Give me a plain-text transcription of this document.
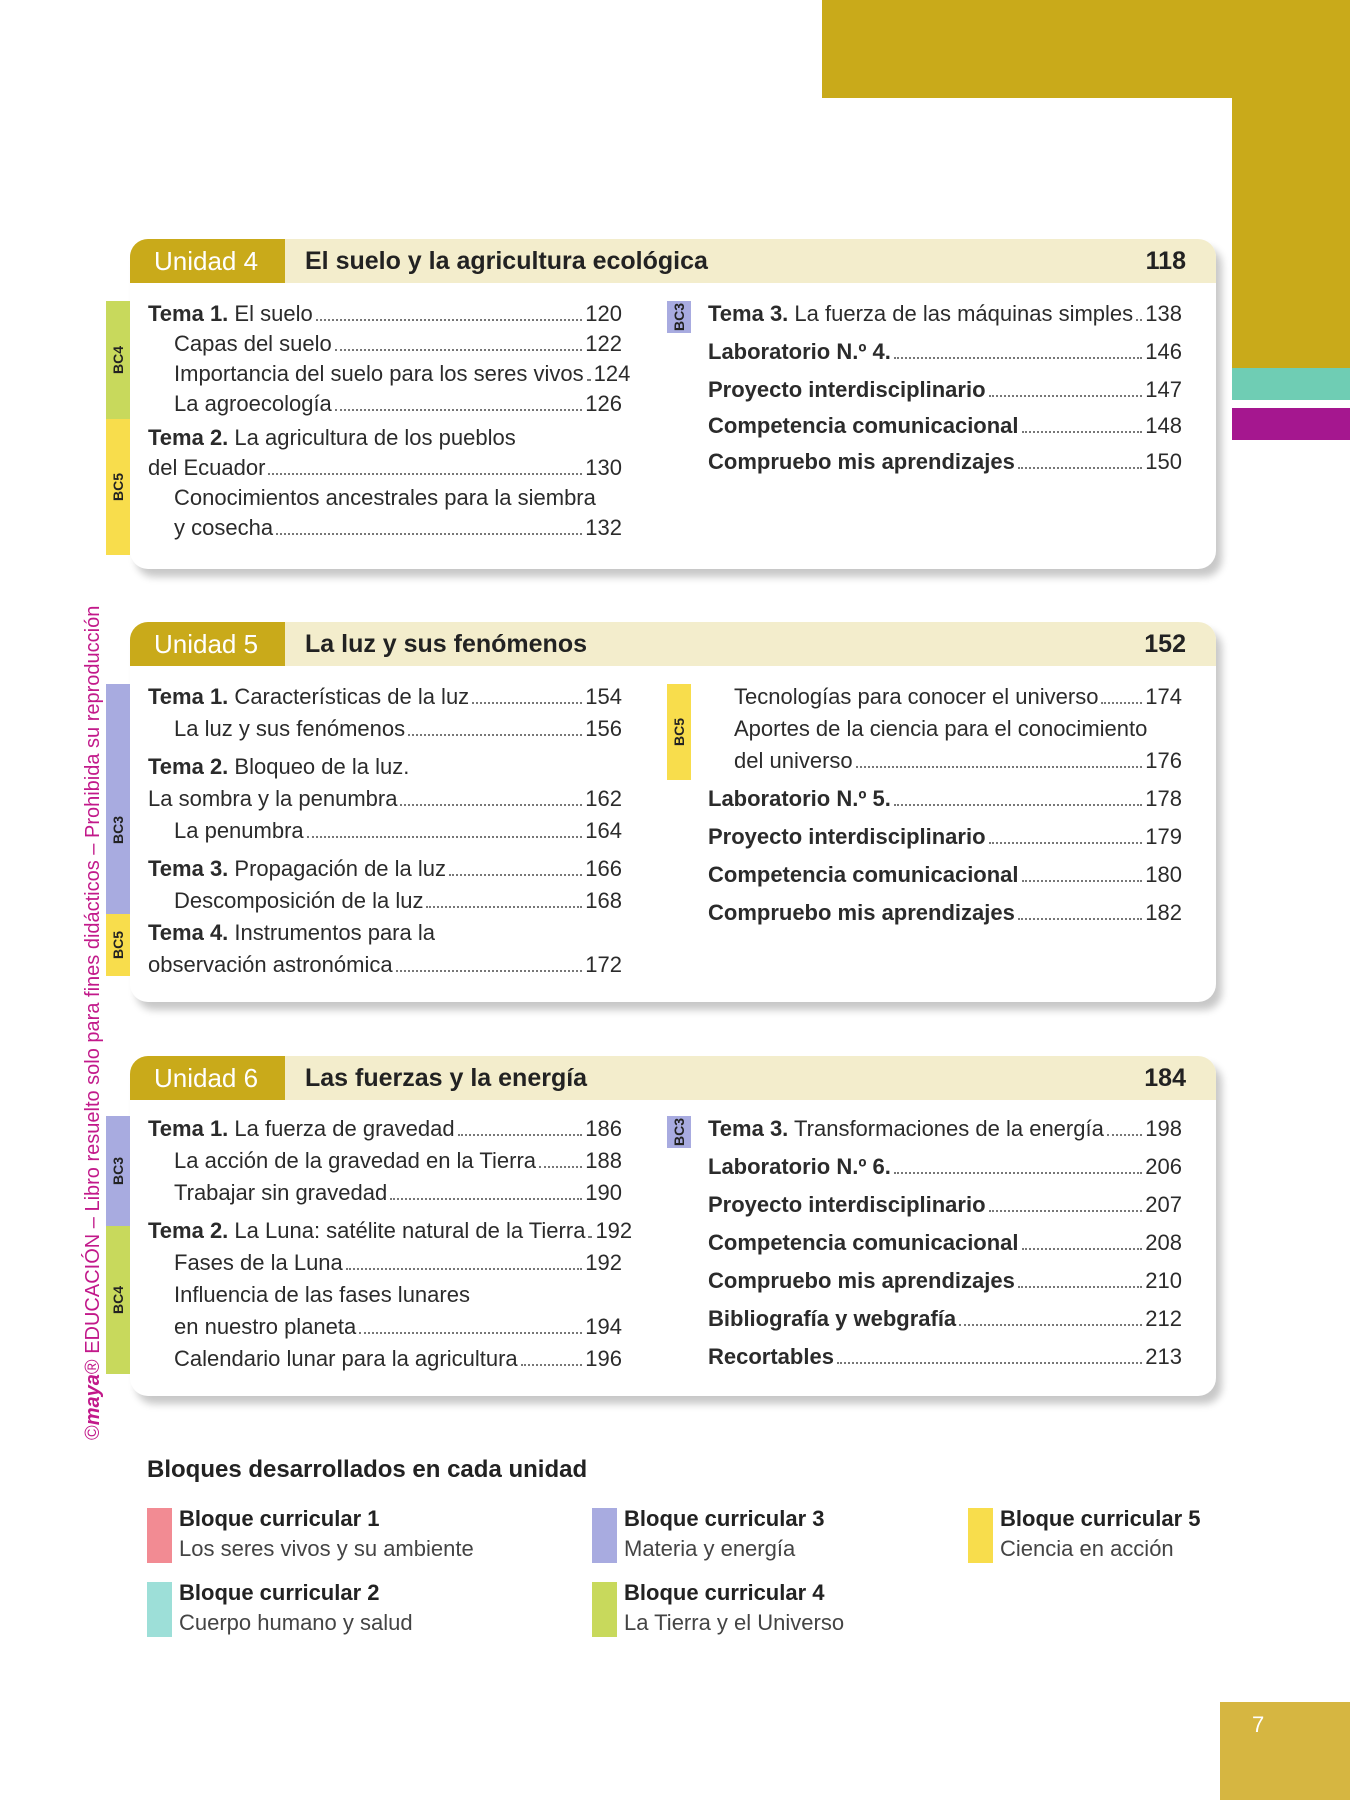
7
©maya® EDUCACIÓN – Libro resuelto solo para fines didácticos – Prohibida su reproducción
Unidad 4	El suelo y la agricultura ecológica	118
BC4
BC5
BC3
Tema 1. El suelo	120
Capas del suelo	122
Importancia del suelo para los seres vivos 124
La agroecología	126
Tema 2. La agricultura de los pueblos
del Ecuador	130
Conocimientos ancestrales para la siembra
y cosecha	132
Tema 3. La fuerza de las máquinas simples 138
Laboratorio N.º 4.	146
Proyecto interdisciplinario	147
Competencia comunicacional	148
Compruebo mis aprendizajes	150
Unidad 5	La luz y sus fenómenos	152
BC3
BC5
BC5
Tema 1. Características de la luz	154
La luz y sus fenómenos	156
Tema 2. Bloqueo de la luz.
La sombra y la penumbra	162
La penumbra	164
Tema 3. Propagación de la luz	166
Descomposición de la luz	168
Tema 4. Instrumentos para la
observación astronómica	172
Tecnologías para conocer el universo 174
Aportes de la ciencia para el conocimiento
del universo	176
Laboratorio N.º 5.	178
Proyecto interdisciplinario	179
Competencia comunicacional	180
Compruebo mis aprendizajes	182
Unidad 6	Las fuerzas y la energía	184
BC3
BC4
BC3
Tema 1. La fuerza de gravedad	186
La acción de la gravedad en la Tierra 188
Trabajar sin gravedad	190
Tema 2. La Luna: satélite natural de la Tierra 192
Fases de la Luna	192
Influencia de las fases lunares
en nuestro planeta	194
Calendario lunar para la agricultura	196
Tema 3. Transformaciones de la energía 198
Laboratorio N.º 6.	206
Proyecto interdisciplinario	207
Competencia comunicacional	208
Compruebo mis aprendizajes	210
Bibliografía y webgrafía	212
Recortables	213
Bloques desarrollados en cada unidad
Bloque curricular 1
Los seres vivos y su ambiente
Bloque curricular 2
Cuerpo humano y salud
Bloque curricular 3
Materia y energía
Bloque curricular 4
La Tierra y el Universo
Bloque curricular 5
Ciencia en acción
